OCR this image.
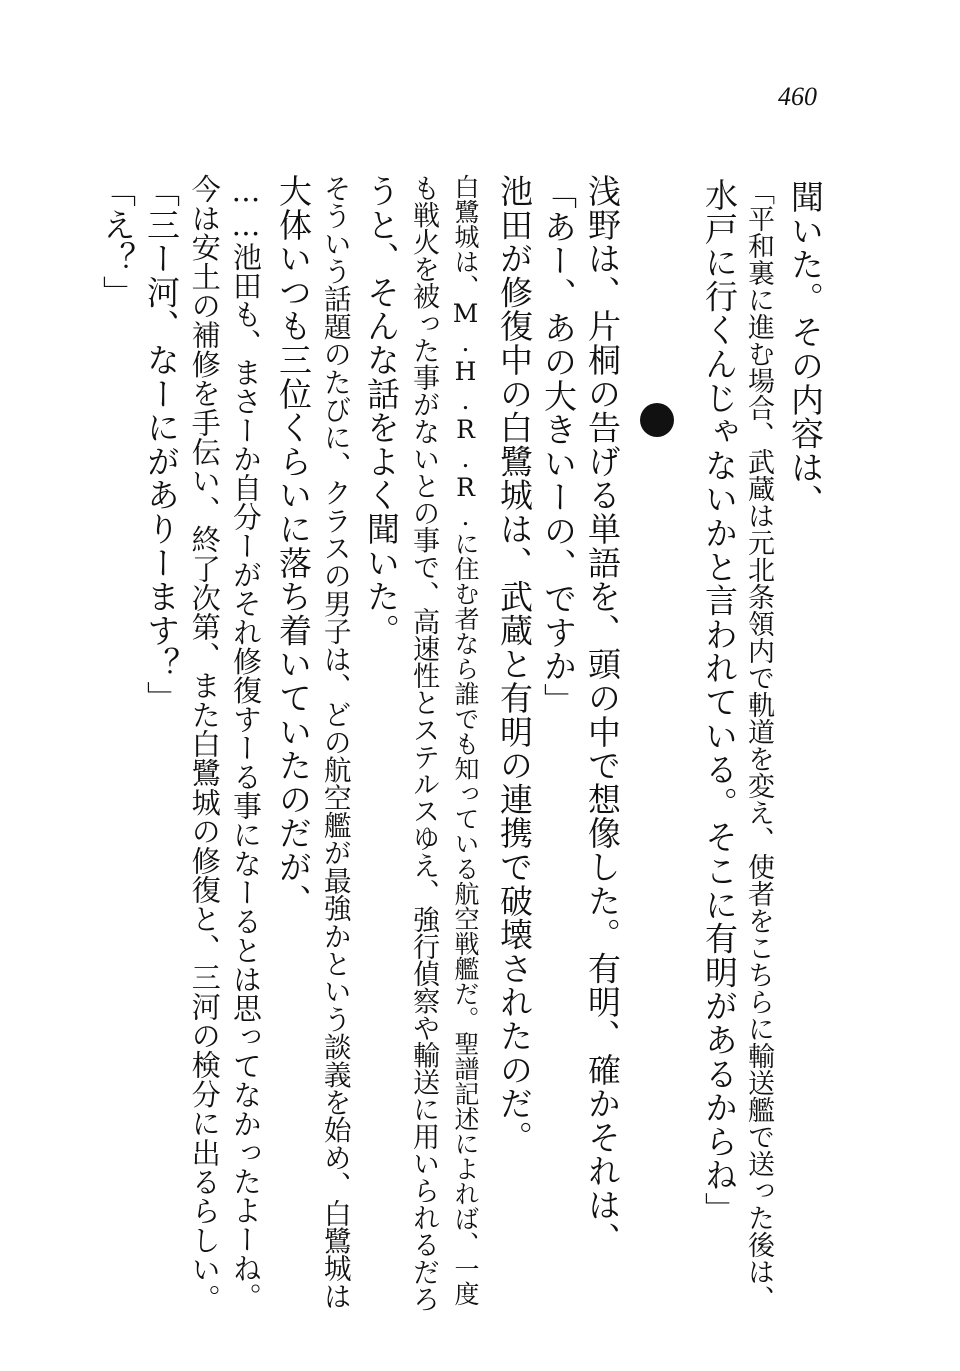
460
聞いた。その内容は、
「平和裏に進む場合、武蔵は元北条領内で軌道を変え、使者をこちらに輸送艦で送った後は、
水戸に行くんじゃないかと言われている。そこに有明があるからね」
浅野は、片桐の告げる単語を、頭の中で想像した。有明、確かそれは、
「あー、あの大きいーの、ですか」
池田が修復中の白鷺城は、武蔵と有明の連携で破壊されたのだ。
白鷺城は、M.H.R.R.に住む者なら誰でも知っている航空戦艦だ。聖譜記述によれば、一度
も戦火を被った事がないとの事で、高速性とステルスゆえ、強行偵察や輸送に用いられるだろ
うと、そんな話をよく聞いた。
そういう話題のたびに、クラスの男子は、どの航空艦が最強かという談義を始め、白鷺城は
大体いつも三位くらいに落ち着いていたのだが、
……池田も、まさーか自分ーがそれ修復すーる事になーるとは思ってなかったよーね。
今は安土の補修を手伝い、終了次第、また白鷺城の修復と、三河の検分に出るらしい。
「三ー河、なーにがありーます？」
「え？」
